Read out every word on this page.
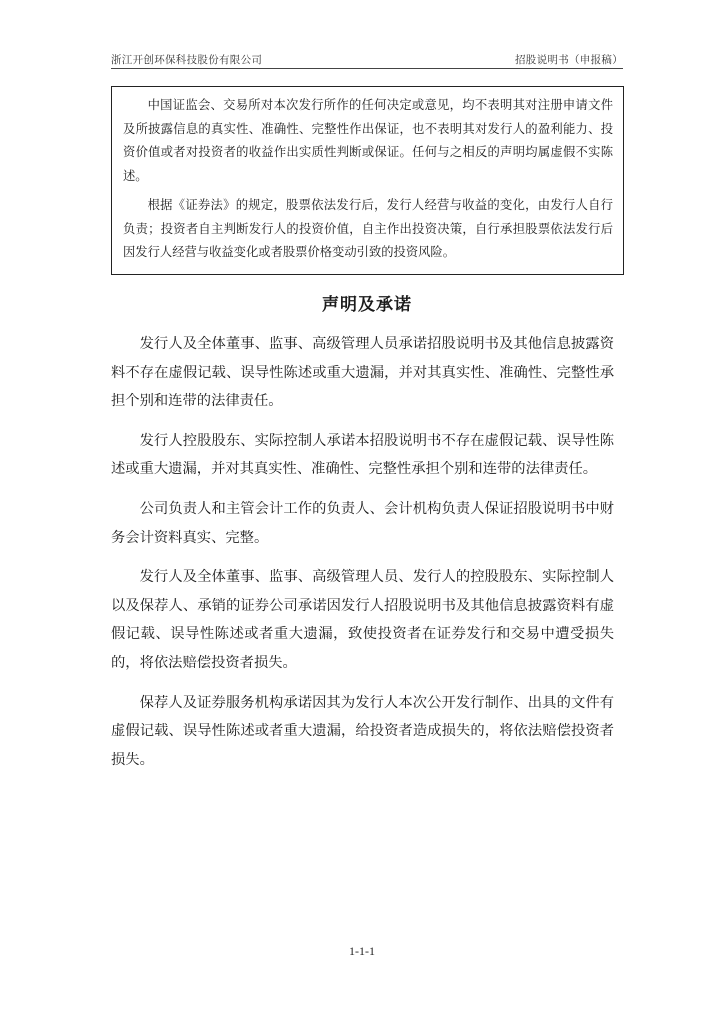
浙江开创环保科技股份有限公司	招股说明书（申报稿）

中国证监会、交易所对本次发行所作的任何决定或意见，均不表明其对注册申请文件及所披露信息的真实性、准确性、完整性作出保证，也不表明其对发行人的盈利能力、投资价值或者对投资者的收益作出实质性判断或保证。任何与之相反的声明均属虚假不实陈述。

根据《证券法》的规定，股票依法发行后，发行人经营与收益的变化，由发行人自行负责；投资者自主判断发行人的投资价值，自主作出投资决策，自行承担股票依法发行后因发行人经营与收益变化或者股票价格变动引致的投资风险。

声明及承诺

发行人及全体董事、监事、高级管理人员承诺招股说明书及其他信息披露资料不存在虚假记载、误导性陈述或重大遗漏，并对其真实性、准确性、完整性承担个别和连带的法律责任。

发行人控股股东、实际控制人承诺本招股说明书不存在虚假记载、误导性陈述或重大遗漏，并对其真实性、准确性、完整性承担个别和连带的法律责任。

公司负责人和主管会计工作的负责人、会计机构负责人保证招股说明书中财务会计资料真实、完整。

发行人及全体董事、监事、高级管理人员、发行人的控股股东、实际控制人以及保荐人、承销的证券公司承诺因发行人招股说明书及其他信息披露资料有虚假记载、误导性陈述或者重大遗漏，致使投资者在证券发行和交易中遭受损失的，将依法赔偿投资者损失。

保荐人及证券服务机构承诺因其为发行人本次公开发行制作、出具的文件有虚假记载、误导性陈述或者重大遗漏，给投资者造成损失的，将依法赔偿投资者损失。

1-1-1
